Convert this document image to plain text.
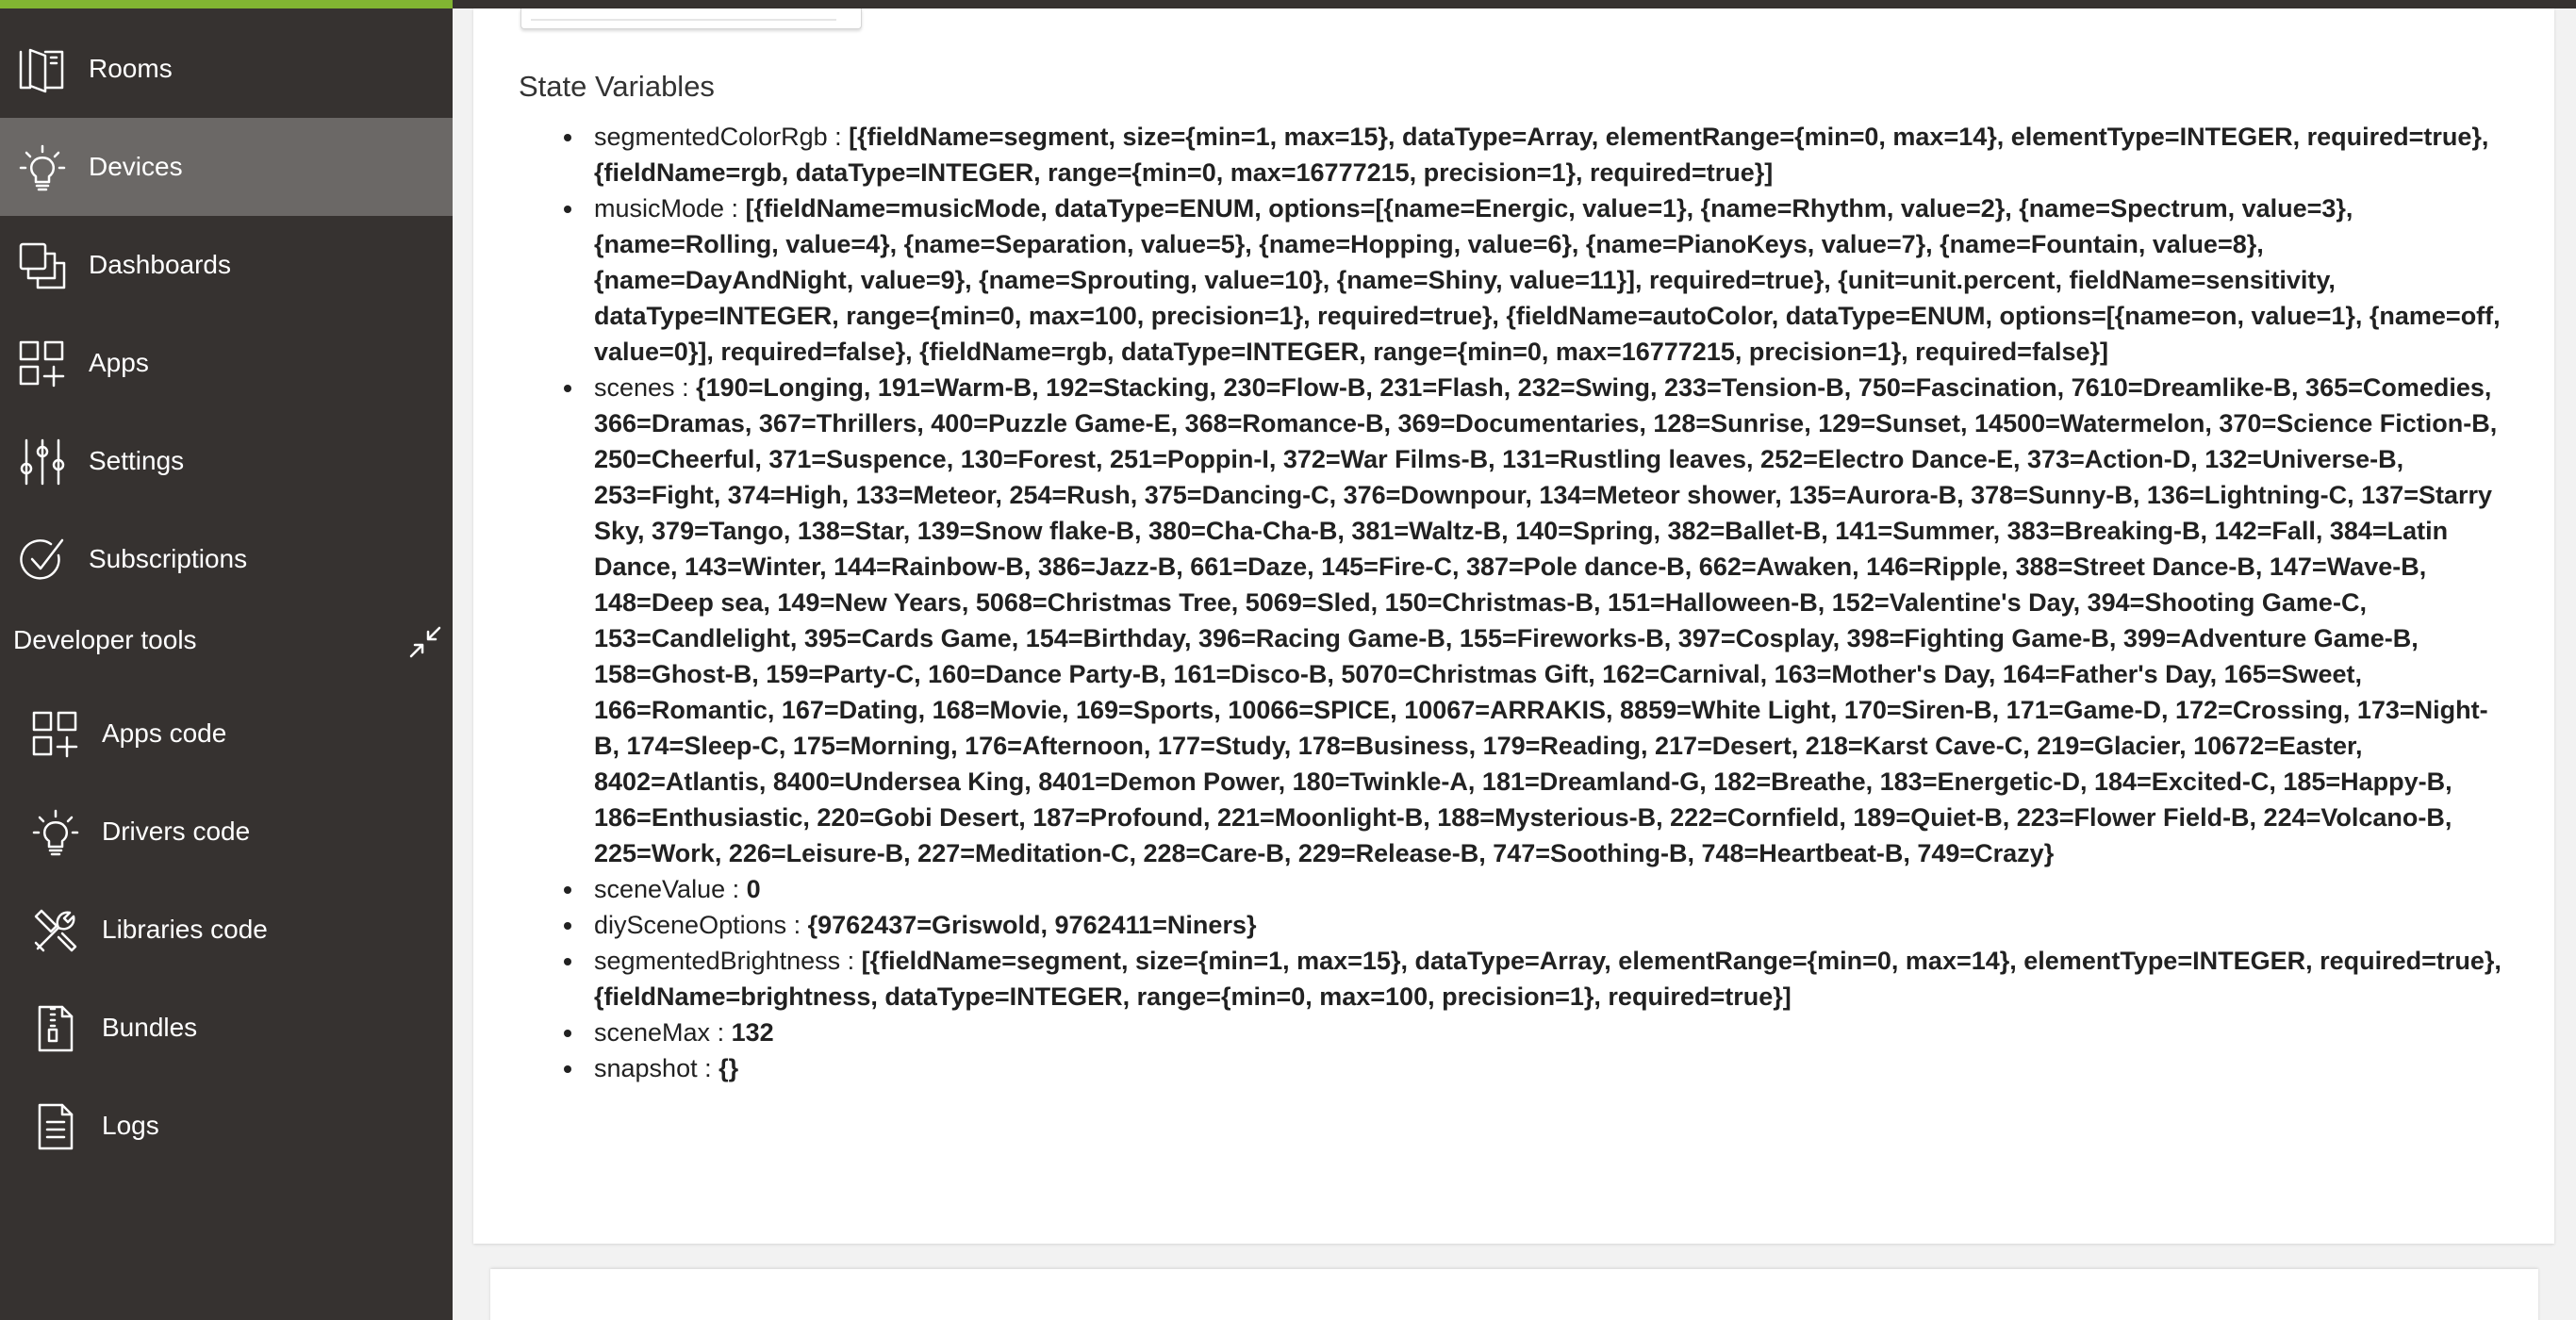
Rooms
Devices
Dashboards
Apps
Settings
Subscriptions
Developer tools
Apps code
Drivers code
Libraries code
Bundles
Logs
State Variables
segmentedColorRgb : [{fieldName=segment, size={min=1, max=15}, dataType=Array, elementRange={min=0, max=14}, elementType=INTEGER, required=true}, {fieldName=rgb, dataType=INTEGER, range={min=0, max=16777215, precision=1}, required=true}]
musicMode : [{fieldName=musicMode, dataType=ENUM, options=[{name=Energic, value=1}, {name=Rhythm, value=2}, {name=Spectrum, value=3}, {name=Rolling, value=4}, {name=Separation, value=5}, {name=Hopping, value=6}, {name=PianoKeys, value=7}, {name=Fountain, value=8}, {name=DayAndNight, value=9}, {name=Sprouting, value=10}, {name=Shiny, value=11}], required=true}, {unit=unit.percent, fieldName=sensitivity, dataType=INTEGER, range={min=0, max=100, precision=1}, required=true}, {fieldName=autoColor, dataType=ENUM, options=[{name=on, value=1}, {name=off, value=0}], required=false}, {fieldName=rgb, dataType=INTEGER, range={min=0, max=16777215, precision=1}, required=false}]
scenes : {190=Longing, 191=Warm-B, 192=Stacking, 230=Flow-B, 231=Flash, 232=Swing, 233=Tension-B, 750=Fascination, 7610=Dreamlike-B, 365=Comedies, 366=Dramas, 367=Thrillers, 400=Puzzle Game-E, 368=Romance-B, 369=Documentaries, 128=Sunrise, 129=Sunset, 14500=Watermelon, 370=Science Fiction-B, 250=Cheerful, 371=Suspence, 130=Forest, 251=Poppin-I, 372=War Films-B, 131=Rustling leaves, 252=Electro Dance-E, 373=Action-D, 132=Universe-B, 253=Fight, 374=High, 133=Meteor, 254=Rush, 375=Dancing-C, 376=Downpour, 134=Meteor shower, 135=Aurora-B, 378=Sunny-B, 136=Lightning-C, 137=Starry Sky, 379=Tango, 138=Star, 139=Snow flake-B, 380=Cha-Cha-B, 381=Waltz-B, 140=Spring, 382=Ballet-B, 141=Summer, 383=Breaking-B, 142=Fall, 384=Latin Dance, 143=Winter, 144=Rainbow-B, 386=Jazz-B, 661=Daze, 145=Fire-C, 387=Pole dance-B, 662=Awaken, 146=Ripple, 388=Street Dance-B, 147=Wave-B, 148=Deep sea, 149=New Years, 5068=Christmas Tree, 5069=Sled, 150=Christmas-B, 151=Halloween-B, 152=Valentine's Day, 394=Shooting Game-C, 153=Candlelight, 395=Cards Game, 154=Birthday, 396=Racing Game-B, 155=Fireworks-B, 397=Cosplay, 398=Fighting Game-B, 399=Adventure Game-B, 158=Ghost-B, 159=Party-C, 160=Dance Party-B, 161=Disco-B, 5070=Christmas Gift, 162=Carnival, 163=Mother's Day, 164=Father's Day, 165=Sweet, 166=Romantic, 167=Dating, 168=Movie, 169=Sports, 10066=SPICE, 10067=ARRAKIS, 8859=White Light, 170=Siren-B, 171=Game-D, 172=Crossing, 173=Night-B, 174=Sleep-C, 175=Morning, 176=Afternoon, 177=Study, 178=Business, 179=Reading, 217=Desert, 218=Karst Cave-C, 219=Glacier, 10672=Easter, 8402=Atlantis, 8400=Undersea King, 8401=Demon Power, 180=Twinkle-A, 181=Dreamland-G, 182=Breathe, 183=Energetic-D, 184=Excited-C, 185=Happy-B, 186=Enthusiastic, 220=Gobi Desert, 187=Profound, 221=Moonlight-B, 188=Mysterious-B, 222=Cornfield, 189=Quiet-B, 223=Flower Field-B, 224=Volcano-B, 225=Work, 226=Leisure-B, 227=Meditation-C, 228=Care-B, 229=Release-B, 747=Soothing-B, 748=Heartbeat-B, 749=Crazy}
sceneValue : 0
diySceneOptions : {9762437=Griswold, 9762411=Niners}
segmentedBrightness : [{fieldName=segment, size={min=1, max=15}, dataType=Array, elementRange={min=0, max=14}, elementType=INTEGER, required=true}, {fieldName=brightness, dataType=INTEGER, range={min=0, max=100, precision=1}, required=true}]
sceneMax : 132
snapshot : {}
